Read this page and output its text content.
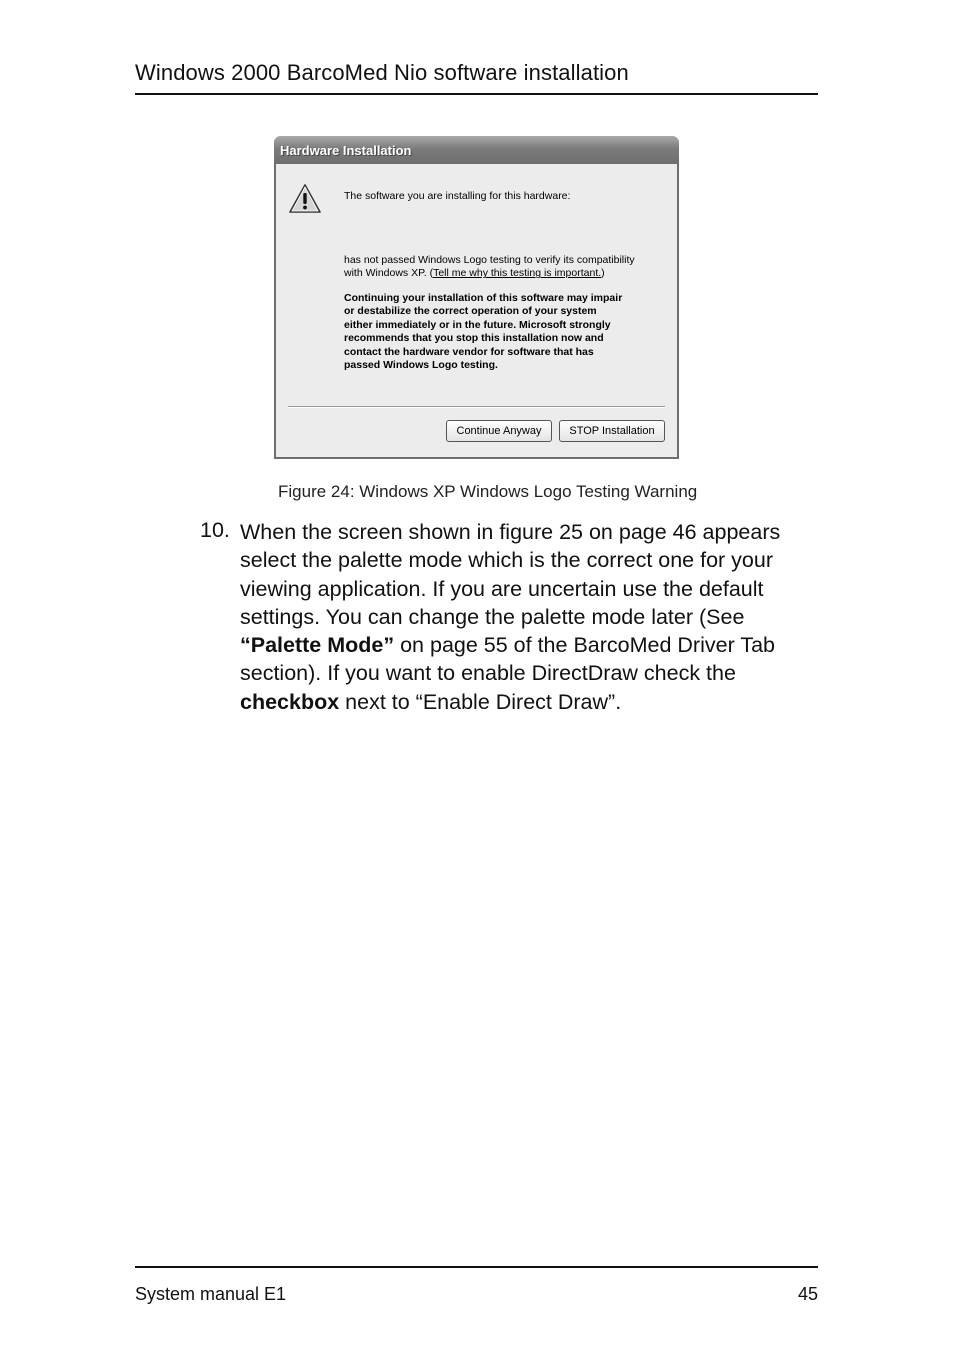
Windows 2000 BarcoMed Nio software installation
Hardware Installation
The software you are installing for this hardware:
has not passed Windows Logo testing to verify its compatibility
with Windows XP. (Tell me why this testing is important.)
Continuing your installation of this software may impair
or destabilize the correct operation of your system
either immediately or in the future. Microsoft strongly
recommends that you stop this installation now and
contact the hardware vendor for software that has
passed Windows Logo testing.
Continue Anyway	STOP Installation
Figure 24: Windows XP Windows Logo Testing Warning
10. When the screen shown in figure 25 on page 46 appears select the palette mode which is the correct one for your viewing application. If you are uncertain use the default settings. You can change the palette mode later (See “Palette Mode” on page 55 of the BarcoMed Driver Tab section). If you want to enable DirectDraw check the checkbox next to “Enable Direct Draw”.
System manual E1	45
